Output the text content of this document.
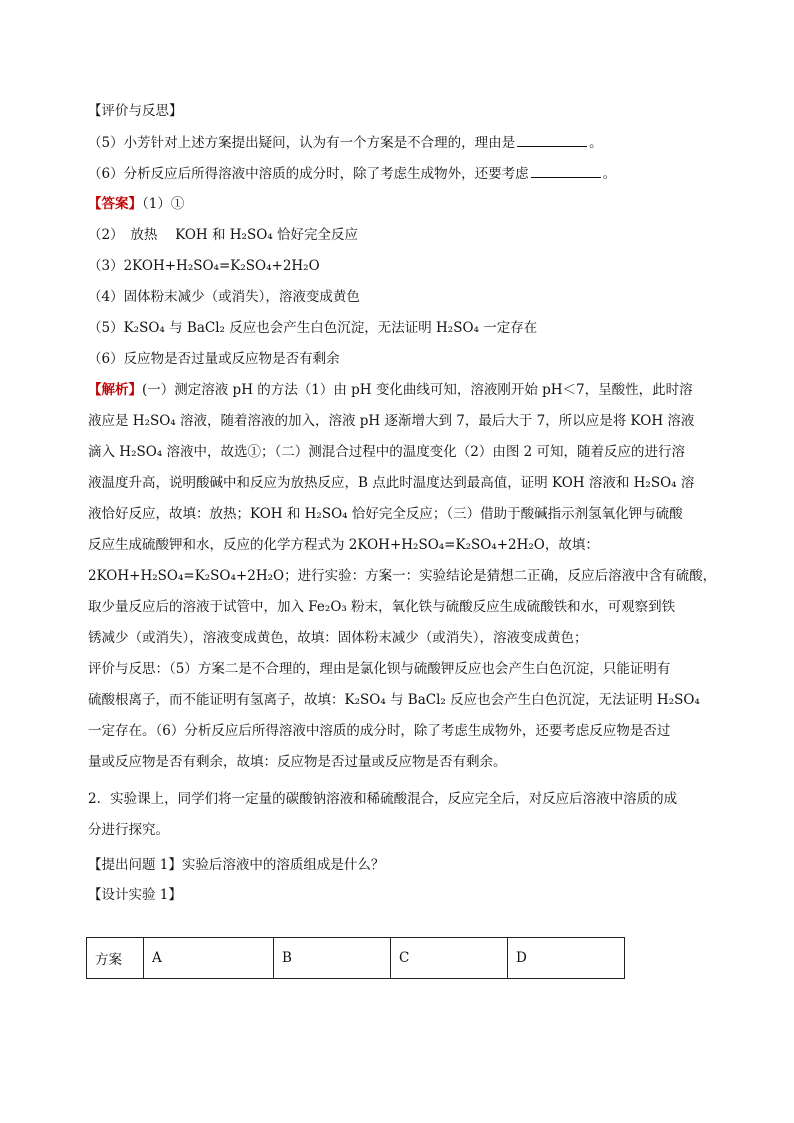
【评价与反思】
（5）小芳针对上述方案提出疑问，认为有一个方案是不合理的，理由是	。
（6）分析反应后所得溶液中溶质的成分时，除了考虑生成物外，还要考虑	。
【答案】（1）①
（2）　放热　 KOH 和 H₂SO₄ 恰好完全反应
（3）2KOH+H₂SO₄=K₂SO₄+2H₂O
（4）固体粉末减少（或消失），溶液变成黄色
（5）K₂SO₄ 与 BaCl₂ 反应也会产生白色沉淀，无法证明 H₂SO₄ 一定存在
（6）反应物是否过量或反应物是否有剩余
【解析】(一）测定溶液 pH 的方法（1）由 pH 变化曲线可知，溶液刚开始 pH＜7，呈酸性，此时溶
液应是 H₂SO₄ 溶液，随着溶液的加入，溶液 pH 逐渐增大到 7，最后大于 7，所以应是将 KOH 溶液
滴入 H₂SO₄ 溶液中，故选①；（二）测混合过程中的温度变化（2）由图 2 可知，随着反应的进行溶
液温度升高，说明酸碱中和反应为放热反应，B 点此时温度达到最高值，证明 KOH 溶液和 H₂SO₄ 溶
液恰好反应，故填：放热；KOH 和 H₂SO₄ 恰好完全反应；（三）借助于酸碱指示剂氢氧化钾与硫酸
反应生成硫酸钾和水，反应的化学方程式为 2KOH+H₂SO₄=K₂SO₄+2H₂O，故填：
2KOH+H₂SO₄=K₂SO₄+2H₂O；进行实验：方案一：实验结论是猜想二正确，反应后溶液中含有硫酸，
取少量反应后的溶液于试管中，加入 Fe₂O₃ 粉末，氧化铁与硫酸反应生成硫酸铁和水，可观察到铁
锈减少（或消失），溶液变成黄色，故填：固体粉末减少（或消失），溶液变成黄色；
评价与反思：（5）方案二是不合理的，理由是氯化钡与硫酸钾反应也会产生白色沉淀，只能证明有
硫酸根离子，而不能证明有氢离子，故填：K₂SO₄ 与 BaCl₂ 反应也会产生白色沉淀，无法证明 H₂SO₄
一定存在。（6）分析反应后所得溶液中溶质的成分时，除了考虑生成物外，还要考虑反应物是否过
量或反应物是否有剩余，故填：反应物是否过量或反应物是否有剩余。
2．实验课上，同学们将一定量的碳酸钠溶液和稀硫酸混合，反应完全后，对反应后溶液中溶质的成
分进行探究。
【提出问题 1】实验后溶液中的溶质组成是什么？
【设计实验 1】
方案	A	B	C	D
